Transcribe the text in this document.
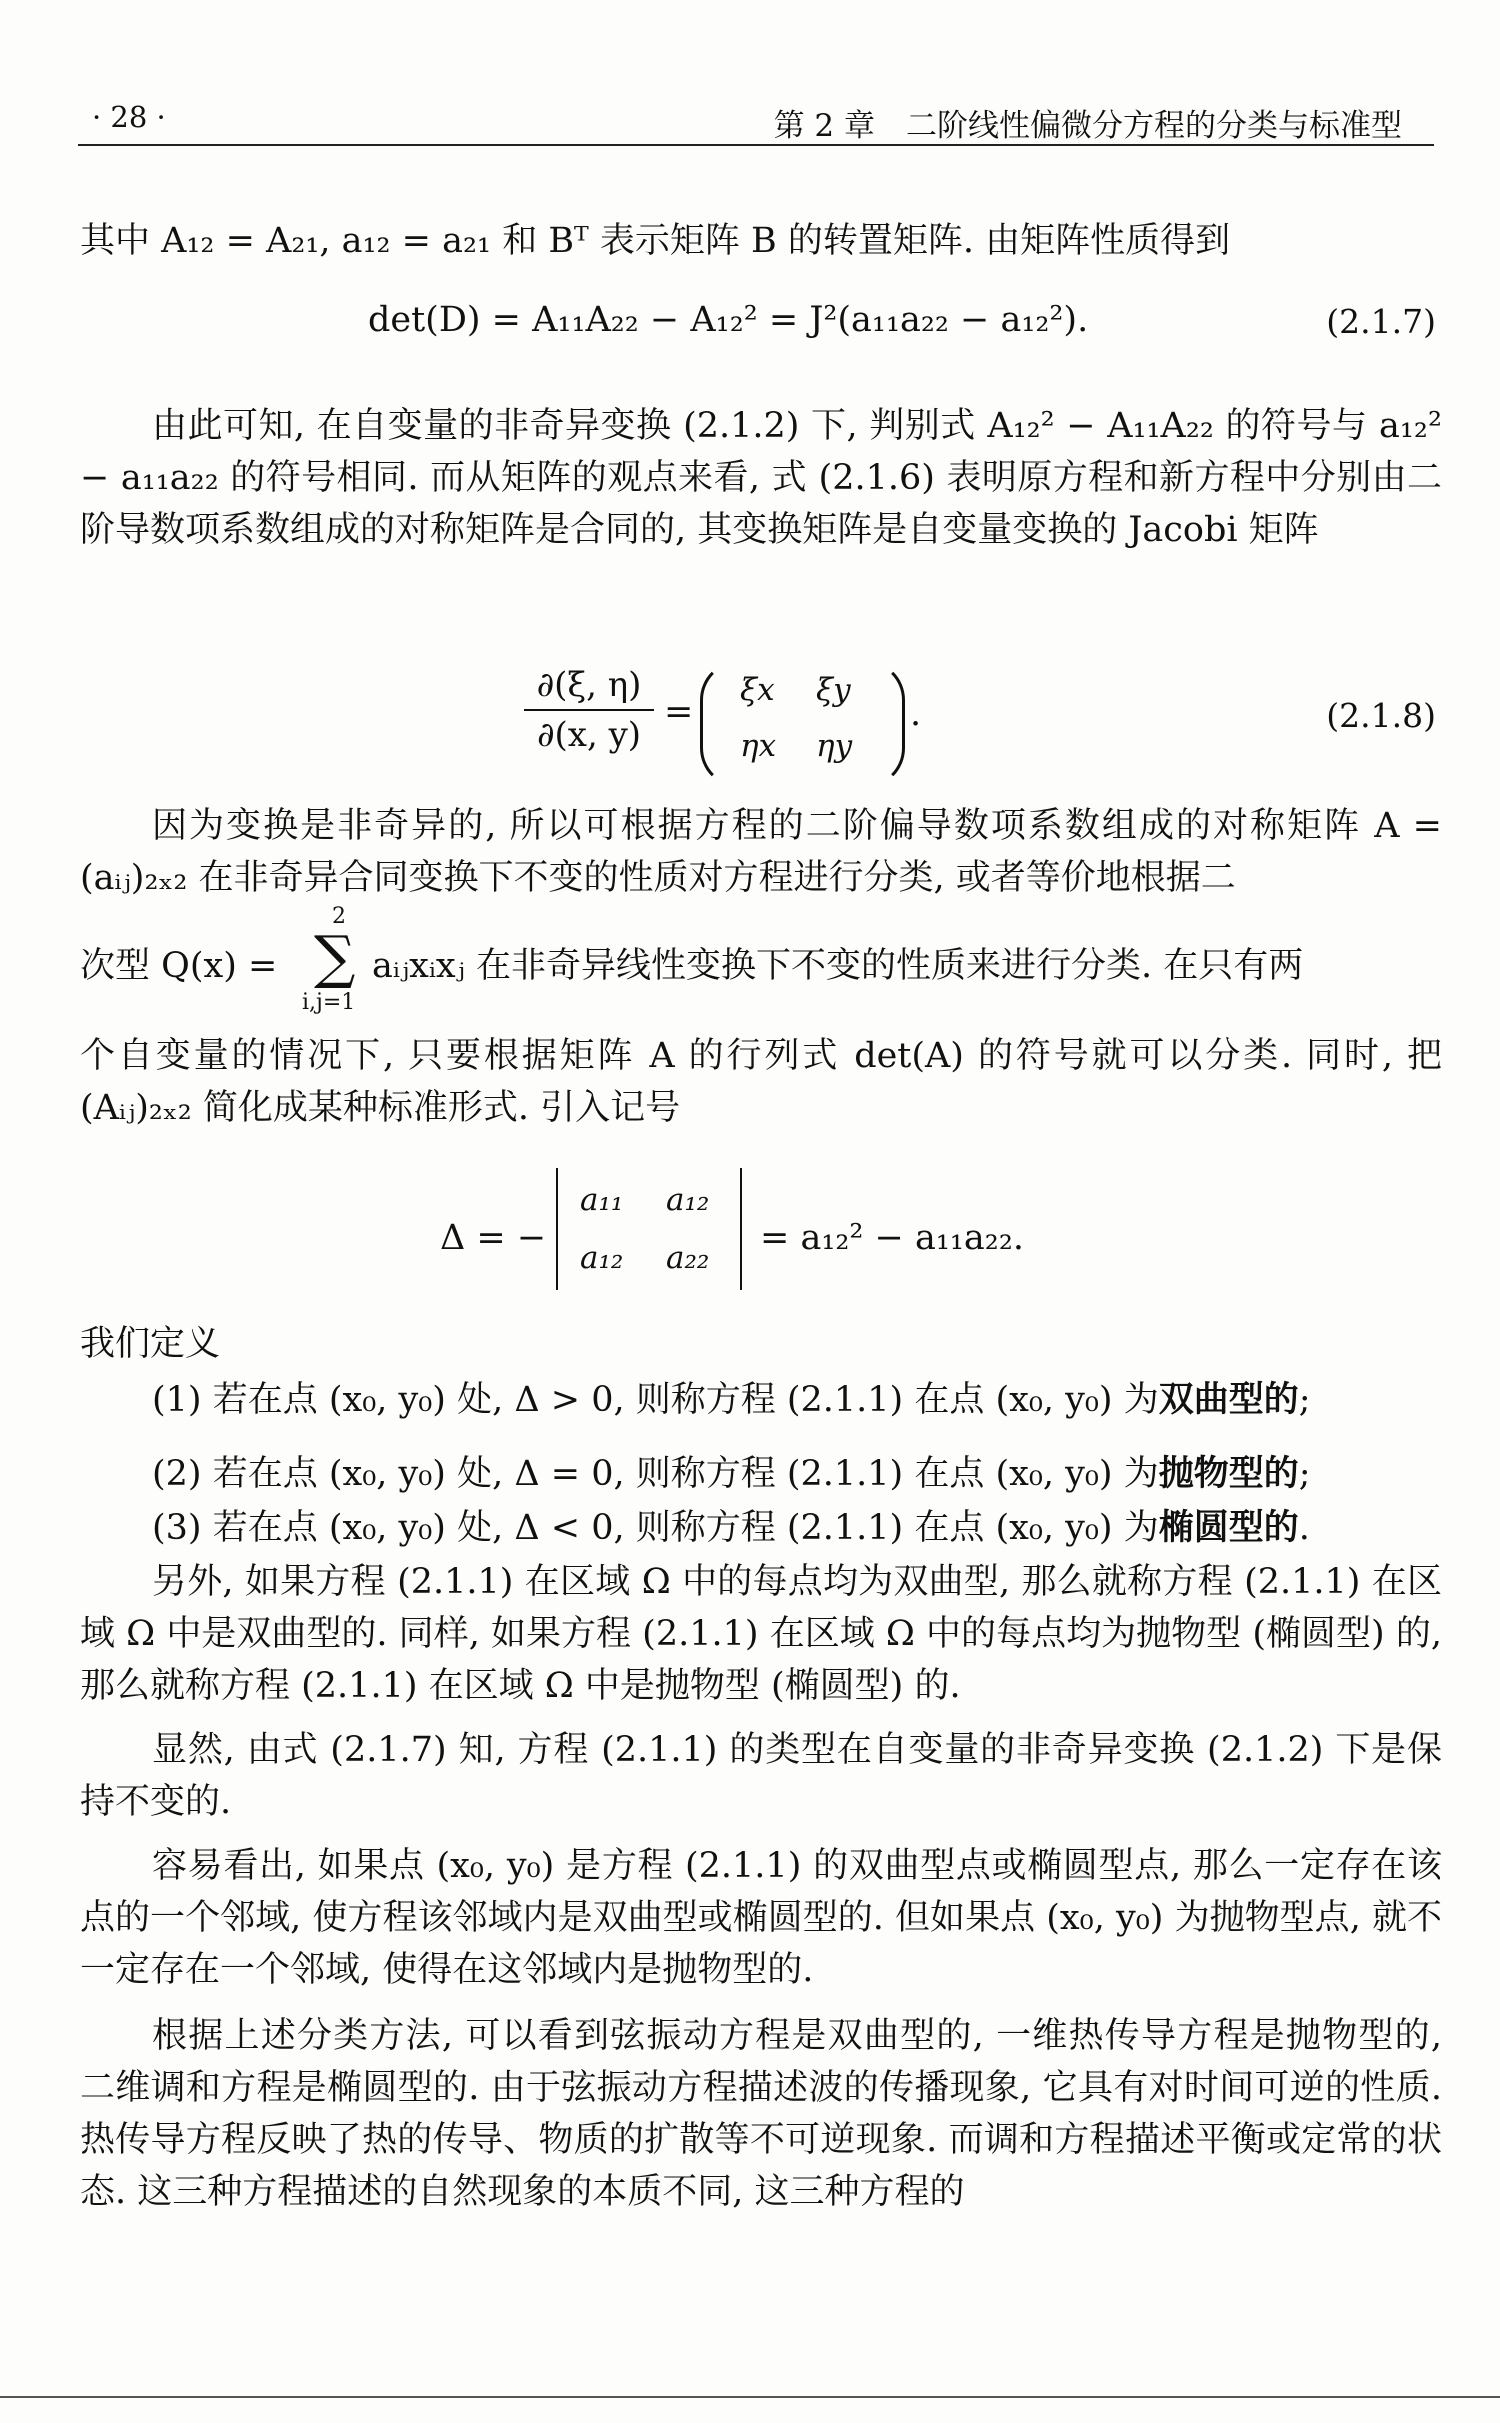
· 28 ·	第 2 章　二阶线性偏微分方程的分类与标准型
其中 A₁₂ = A₂₁, a₁₂ = a₂₁ 和 Bᵀ 表示矩阵 B 的转置矩阵. 由矩阵性质得到
det(D) = A₁₁A₂₂ − A₁₂² = J²(a₁₁a₂₂ − a₁₂²).	(2.1.7)
由此可知, 在自变量的非奇异变换 (2.1.2) 下, 判别式 A₁₂² − A₁₁A₂₂ 的符号与 a₁₂² − a₁₁a₂₂ 的符号相同. 而从矩阵的观点来看, 式 (2.1.6) 表明原方程和新方程中分别由二阶导数项系数组成的对称矩阵是合同的, 其变换矩阵是自变量变换的 Jacobi 矩阵
∂(ξ, η)
∂(x, y)
=
ξx ξy
ηx ηy
.	(2.1.8)
因为变换是非奇异的, 所以可根据方程的二阶偏导数项系数组成的对称矩阵 A = (aᵢⱼ)₂ₓ₂ 在非奇异合同变换下不变的性质对方程进行分类, 或者等价地根据二
次型 Q(x) =
2
∑
i,j=1
aᵢⱼxᵢxⱼ 在非奇异线性变换下不变的性质来进行分类. 在只有两
个自变量的情况下, 只要根据矩阵 A 的行列式 det(A) 的符号就可以分类. 同时, 把 (Aᵢⱼ)₂ₓ₂ 简化成某种标准形式. 引入记号
Δ = −
a₁₁ a₁₂
a₁₂ a₂₂ = a₁₂² − a₁₁a₂₂.
我们定义
(1) 若在点 (x₀, y₀) 处, Δ > 0, 则称方程 (2.1.1) 在点 (x₀, y₀) 为双曲型的;
(2) 若在点 (x₀, y₀) 处, Δ = 0, 则称方程 (2.1.1) 在点 (x₀, y₀) 为抛物型的;
(3) 若在点 (x₀, y₀) 处, Δ < 0, 则称方程 (2.1.1) 在点 (x₀, y₀) 为椭圆型的.
另外, 如果方程 (2.1.1) 在区域 Ω 中的每点均为双曲型, 那么就称方程 (2.1.1) 在区域 Ω 中是双曲型的. 同样, 如果方程 (2.1.1) 在区域 Ω 中的每点均为抛物型 (椭圆型) 的, 那么就称方程 (2.1.1) 在区域 Ω 中是抛物型 (椭圆型) 的.
显然, 由式 (2.1.7) 知, 方程 (2.1.1) 的类型在自变量的非奇异变换 (2.1.2) 下是保持不变的.
容易看出, 如果点 (x₀, y₀) 是方程 (2.1.1) 的双曲型点或椭圆型点, 那么一定存在该点的一个邻域, 使方程该邻域内是双曲型或椭圆型的. 但如果点 (x₀, y₀) 为抛物型点, 就不一定存在一个邻域, 使得在这邻域内是抛物型的.
根据上述分类方法, 可以看到弦振动方程是双曲型的, 一维热传导方程是抛物型的, 二维调和方程是椭圆型的. 由于弦振动方程描述波的传播现象, 它具有对时间可逆的性质. 热传导方程反映了热的传导、物质的扩散等不可逆现象. 而调和方程描述平衡或定常的状态. 这三种方程描述的自然现象的本质不同, 这三种方程的
